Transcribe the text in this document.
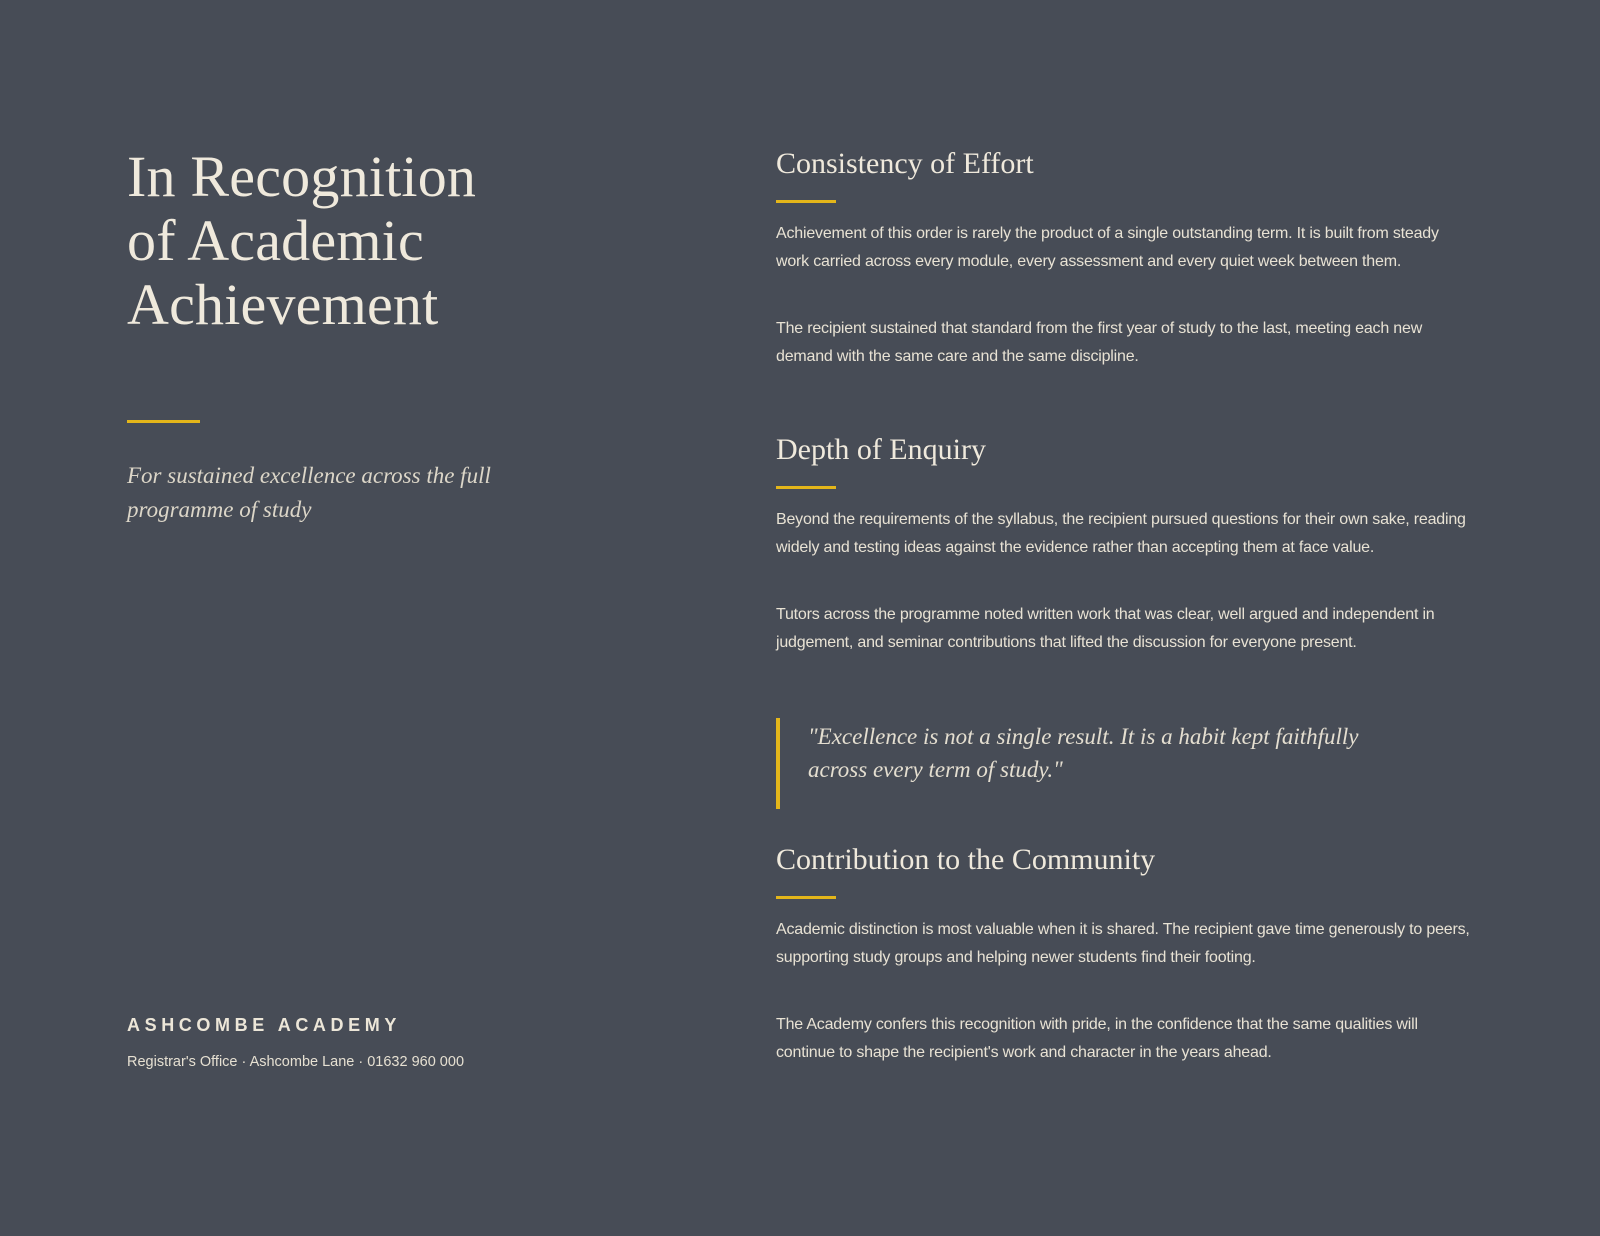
In Recognition
of Academic
Achievement

For sustained excellence across the full programme of study

ASHCOMBE ACADEMY

Registrar's Office · Ashcombe Lane · 01632 960 000

Consistency of Effort

Achievement of this order is rarely the product of a single outstanding term. It is built from steady work carried across every module, every assessment and every quiet week between them.

The recipient sustained that standard from the first year of study to the last, meeting each new demand with the same care and the same discipline.

Depth of Enquiry

Beyond the requirements of the syllabus, the recipient pursued questions for their own sake, reading widely and testing ideas against the evidence rather than accepting them at face value.

Tutors across the programme noted written work that was clear, well argued and independent in judgement, and seminar contributions that lifted the discussion for everyone present.

"Excellence is not a single result. It is a habit kept faithfully across every term of study."

Contribution to the Community

Academic distinction is most valuable when it is shared. The recipient gave time generously to peers, supporting study groups and helping newer students find their footing.

The Academy confers this recognition with pride, in the confidence that the same qualities will continue to shape the recipient's work and character in the years ahead.
